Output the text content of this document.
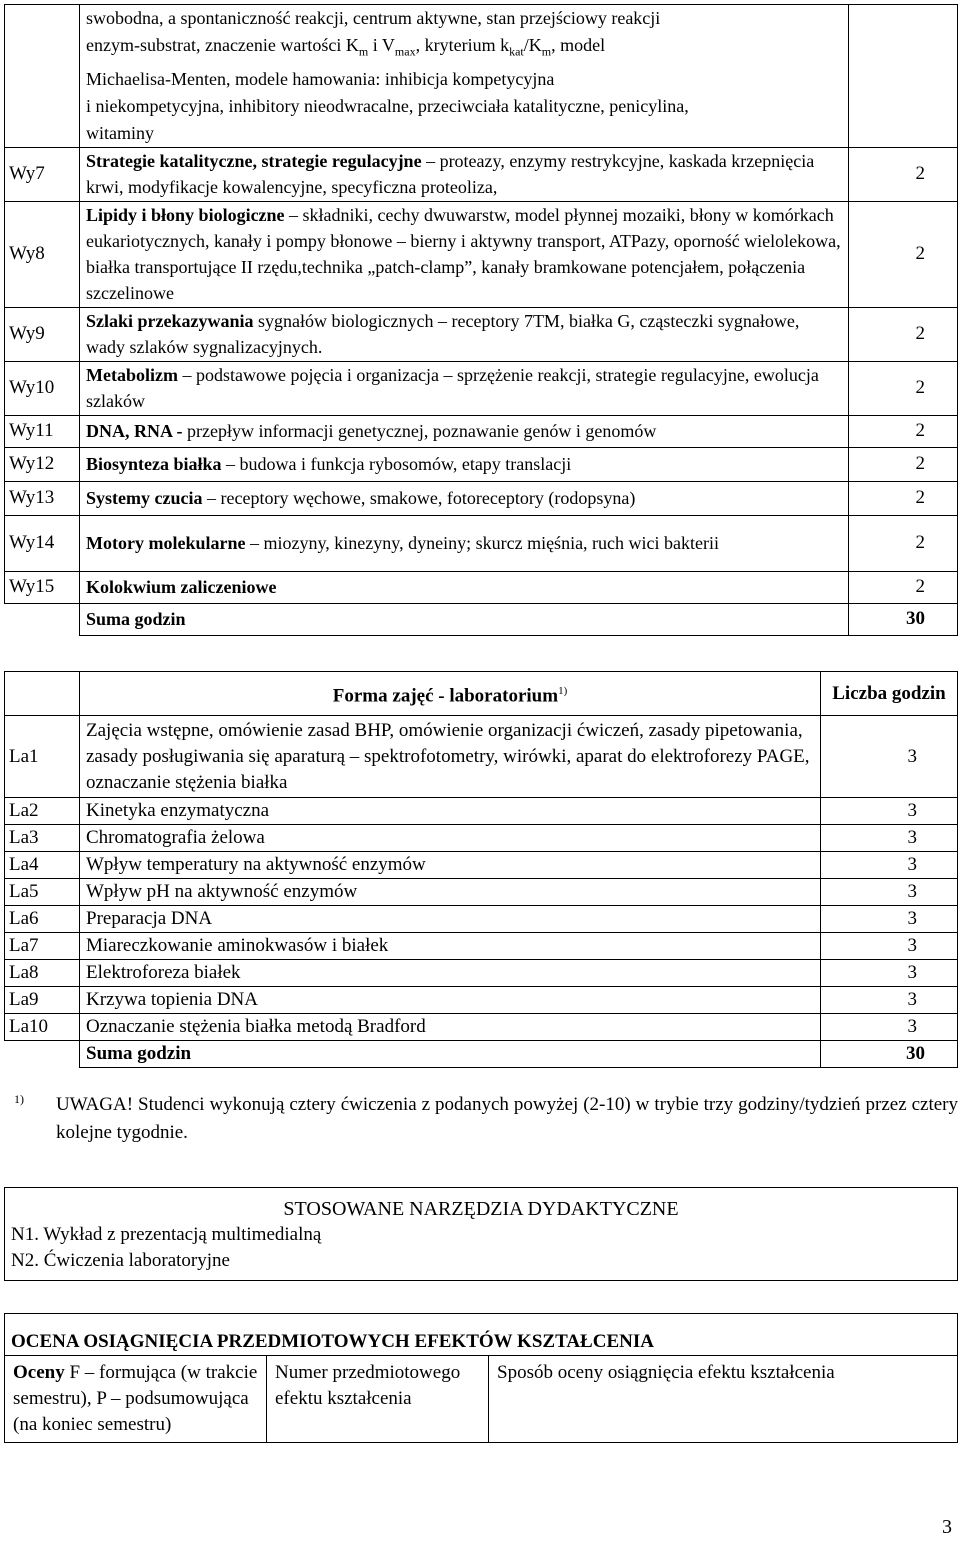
	swobodna, a spontaniczność reakcji, centrum aktywne, stan przejściowy reakcji
enzym-substrat, znaczenie wartości $K_m$ i $V_{max}$, kryterium $k_{kat}/K_m$, model
Michaelisa-Menten, modele hamowania: inhibicja kompetycyjna
i niekompetycyjna, inhibitory nieodwracalne, przeciwciała katalityczne, penicylina,
witaminy	
Wy7	Strategie katalityczne, strategie regulacyjne – proteazy, enzymy restrykcyjne, kaskada krzepnięcia krwi, modyfikacje kowalencyjne, specyficzna proteoliza,	2
Wy8	Lipidy i błony biologiczne – składniki, cechy dwuwarstw, model płynnej mozaiki, błony w komórkach eukariotycznych, kanały i pompy błonowe – bierny i aktywny transport, ATPazy, oporność wielolekowa, białka transportujące II rzędu,technika „patch-clamp”, kanały bramkowane potencjałem, połączenia szczelinowe	2
Wy9	Szlaki przekazywania sygnałów biologicznych – receptory 7TM, białka G, cząsteczki sygnałowe, wady szlaków sygnalizacyjnych.	2
Wy10	Metabolizm – podstawowe pojęcia i organizacja – sprzężenie reakcji, strategie regulacyjne, ewolucja szlaków	2
Wy11	DNA, RNA - przepływ informacji genetycznej, poznawanie genów i genomów	2
Wy12	Biosynteza białka – budowa i funkcja rybosomów, etapy translacji	2
Wy13	Systemy czucia – receptory węchowe, smakowe, fotoreceptory (rodopsyna)	2
Wy14	Motory molekularne – miozyny, kinezyny, dyneiny; skurcz mięśnia, ruch wici bakterii	2
Wy15	Kolokwium zaliczeniowe	2
	Suma godzin	30
	Forma zajęć - laboratorium$^{1)}$	Liczba godzin
La1	Zajęcia wstępne, omówienie zasad BHP, omówienie organizacji ćwiczeń, zasady pipetowania, zasady posługiwania się aparaturą – spektrofotometry, wirówki, aparat do elektroforezy PAGE, oznaczanie stężenia białka	3
La2	Kinetyka enzymatyczna	3
La3	Chromatografia żelowa	3
La4	Wpływ temperatury na aktywność enzymów	3
La5	Wpływ pH na aktywność enzymów	3
La6	Preparacja DNA	3
La7	Miareczkowanie aminokwasów i białek	3
La8	Elektroforeza białek	3
La9	Krzywa topienia DNA	3
La10	Oznaczanie stężenia białka metodą Bradford	3
	Suma godzin	30
1) UWAGA! Studenci wykonują cztery ćwiczenia z podanych powyżej (2-10) w trybie trzy godziny/tydzień przez cztery kolejne tygodnie.
STOSOWANE NARZĘDZIA DYDAKTYCZNE
N1. Wykład z prezentacją multimedialną
N2. Ćwiczenia laboratoryjne
OCENA OSIĄGNIĘCIA PRZEDMIOTOWYCH EFEKTÓW KSZTAŁCENIA
Oceny F – formująca (w trakcie semestru), P – podsumowująca (na koniec semestru)	Numer przedmiotowego efektu kształcenia	Sposób oceny osiągnięcia efektu kształcenia
3
